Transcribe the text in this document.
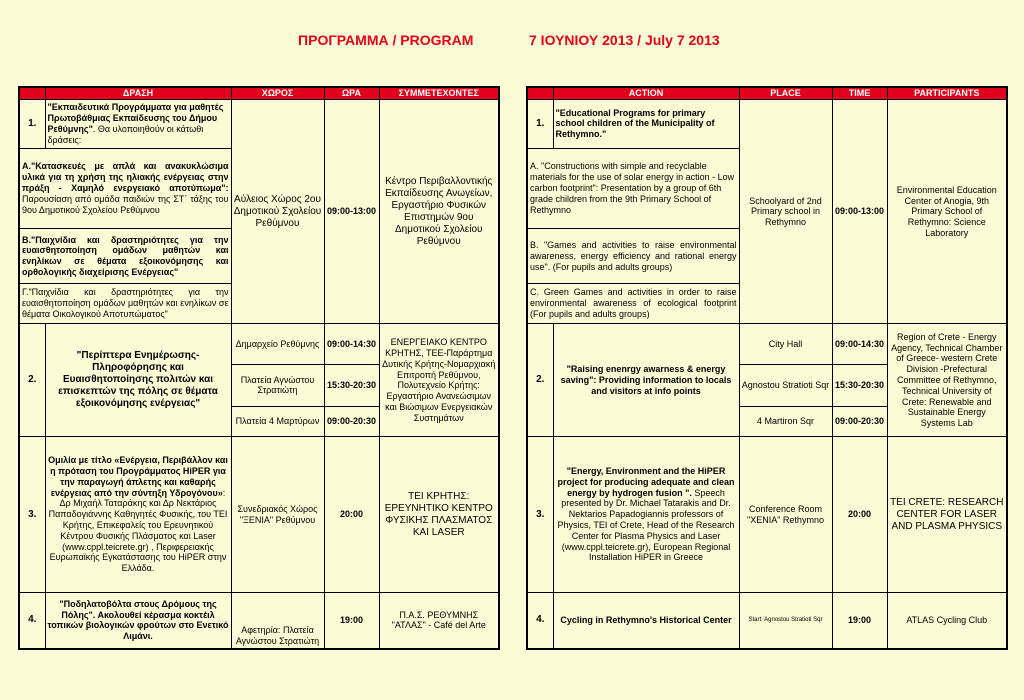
ΠΡΟΓΡΑΜΜΑ / PROGRAM	7 ΙΟΥΝΙΟΥ 2013 / July 7 2013
	ΔΡΑΣΗ	ΧΩΡΟΣ	ΩΡΑ	ΣΥΜΜΕΤΕΧΟΝΤΕΣ
1.	"Εκπαιδευτικά Προγράμματα για μαθητές Πρωτοβάθμιας Εκπαίδευσης του Δήμου Ρεθύμνης". Θα υλοποιηθούν οι κάτωθι δράσεις:	Αύλειος Χώρος 2ου Δημοτικού Σχολείου Ρεθύμνου	09:00-13:00	Κέντρο Περιβαλλοντικής Εκπαίδευσης Ανωγείων, Εργαστήριο Φυσικών Επιστημών 9ου Δημοτικού Σχολείου Ρεθύμνου
Α."Κατασκευές με απλά και ανακυκλώσιμα υλικά για τη χρήση της ηλιακής ενέργειας στην πράξη - Χαμηλό ενεργειακό αποτύπωμα": Παρουσίαση από ομάδα παιδιών της ΣΤ΄ τάξης του 9ου Δημοτικού Σχολείου Ρεθύμνου				
Β."Παιχνίδια και δραστηριότητες για την ευαισθητοποίηση ομάδων μαθητών και ενηλίκων σε θέματα εξοικονόμησης και ορθολογικής διαχείρισης Ενέργειας"				
Γ."Παιχνίδια και δραστηριότητες για την ευαισθητοποίηση ομάδων μαθητών και ενηλίκων σε θέματα Οικολογικού Αποτυπώματος"				
2.	"Περίπτερα Ενημέρωσης-Πληροφόρησης και Ευαισθητοποίησης πολιτών και επισκεπτών της πόλης σε θέματα εξοικονόμησης ενέργειας"	Δημαρχείο Ρεθύμνης	09:00-14:30	ΕΝΕΡΓΕΙΑΚΟ ΚΕΝΤΡΟ ΚΡΗΤΗΣ, ΤΕΕ-Παράρτημα Δυτικής Κρήτης-Νομαρχιακή Επιτροπή Ρεθύμνου, Πολυτεχνείο Κρήτης: Εργαστήριο Ανανεώσιμων και Βιώσιμων Ενεργειακών Συστημάτων
		Πλατεία Αγνώστου Στρατιώτη	15:30-20:30	
		Πλατεία 4 Μαρτύρων	09:00-20:30	
3.	Ομιλία με τίτλο «Ενέργεια, Περιβάλλον και η πρόταση του Προγράμματος HiPER για την παραγωγή άπλετης και καθαρής ενέργειας από την σύντηξη Υδρογόνου»: Δρ Μιχαήλ Ταταράκης και Δρ Νεκτάριος Παπαδογιάννης Καθηγητές Φυσικής, του ΤΕΙ Κρήτης, Επικεφαλείς του Ερευνητικού Κέντρου Φυσικής Πλάσματος και Laser (www.cppl.teicrete.gr) , Περιφερειακής Ευρωπαϊκής Εγκατάστασης του HiPER στην Ελλάδα.	Συνεδριακός Χώρος "ΞΕΝΙΑ" Ρεθύμνου	20:00	ΤΕΙ ΚΡΗΤΗΣ: ΕΡΕΥΝΗΤΙΚΟ ΚΕΝΤΡΟ ΦΥΣΙΚΗΣ ΠΛΑΣΜΑΤΟΣ ΚΑΙ LASER
4.	"Ποδηλατοβόλτα στους Δρόμους της Πόλης". Ακολουθεί κέρασμα κοκτέιλ τοπικών βιολογικών φρούτων στο Ενετικό Λιμάνι.	Αφετηρία: Πλατεία Αγνώστου Στρατιώτη	19:00	Π.Α.Σ. ΡΕΘΥΜΝΗΣ "ΑΤΛΑΣ" - Café del Arte
	ACTION	PLACE	TIME	PARTICIPANTS
1.	"Educational Programs for primary school children of the Municipality of Rethymno."	Schoolyard of 2nd Primary school in Rethymno	09:00-13:00	Environmental Education Center of Anogia, 9th Primary School of Rethymno: Science Laboratory
A. "Constructions with simple and recyclable materials for the use of solar energy in action - Low carbon footprint": Presentation by a group of 6th grade children from the 9th Primary School of Rethymno				
B. "Games and activities to raise environmental awareness, energy efficiency and rational energy use". (For pupils and adults groups)				
C. Green Games and activities in order to raise environmental awareness of ecological footprint (For pupils and adults groups)				
2.	"Raising enenrgy awarness & energy saving": Providing information to locals and visitors at info points	City Hall	09:00-14:30	Region of Crete - Energy Agency, Technical Chamber of Greece- western Crete Division -Prefectural Committee of Rethymno, Technical University of Crete: Renewable and Sustainable Energy Systems Lab
		Agnostou Stratioti Sqr	15:30-20:30	
		4 Martiron Sqr	09:00-20:30	
3.	"Energy, Environment and the HiPER project for producing adequate and clean energy by hydrogen fusion ". Speech presented by Dr. Michael Tatarakis and Dr. Nektarios Papadogiannis professors of Physics, TEI of Crete, Head of the Research Center for Plasma Physics and Laser (www.cppl.teicrete.gr), European Regional Installation HiPER in Greece	Conference Room "XENIA" Rethymno	20:00	TEI CRETE: RESEARCH CENTER FOR LASER AND PLASMA PHYSICS
4.	Cycling in Rethymno's Historical Center	Start: Agnostou Stratioti Sqr	19:00	ATLAS Cycling Club
